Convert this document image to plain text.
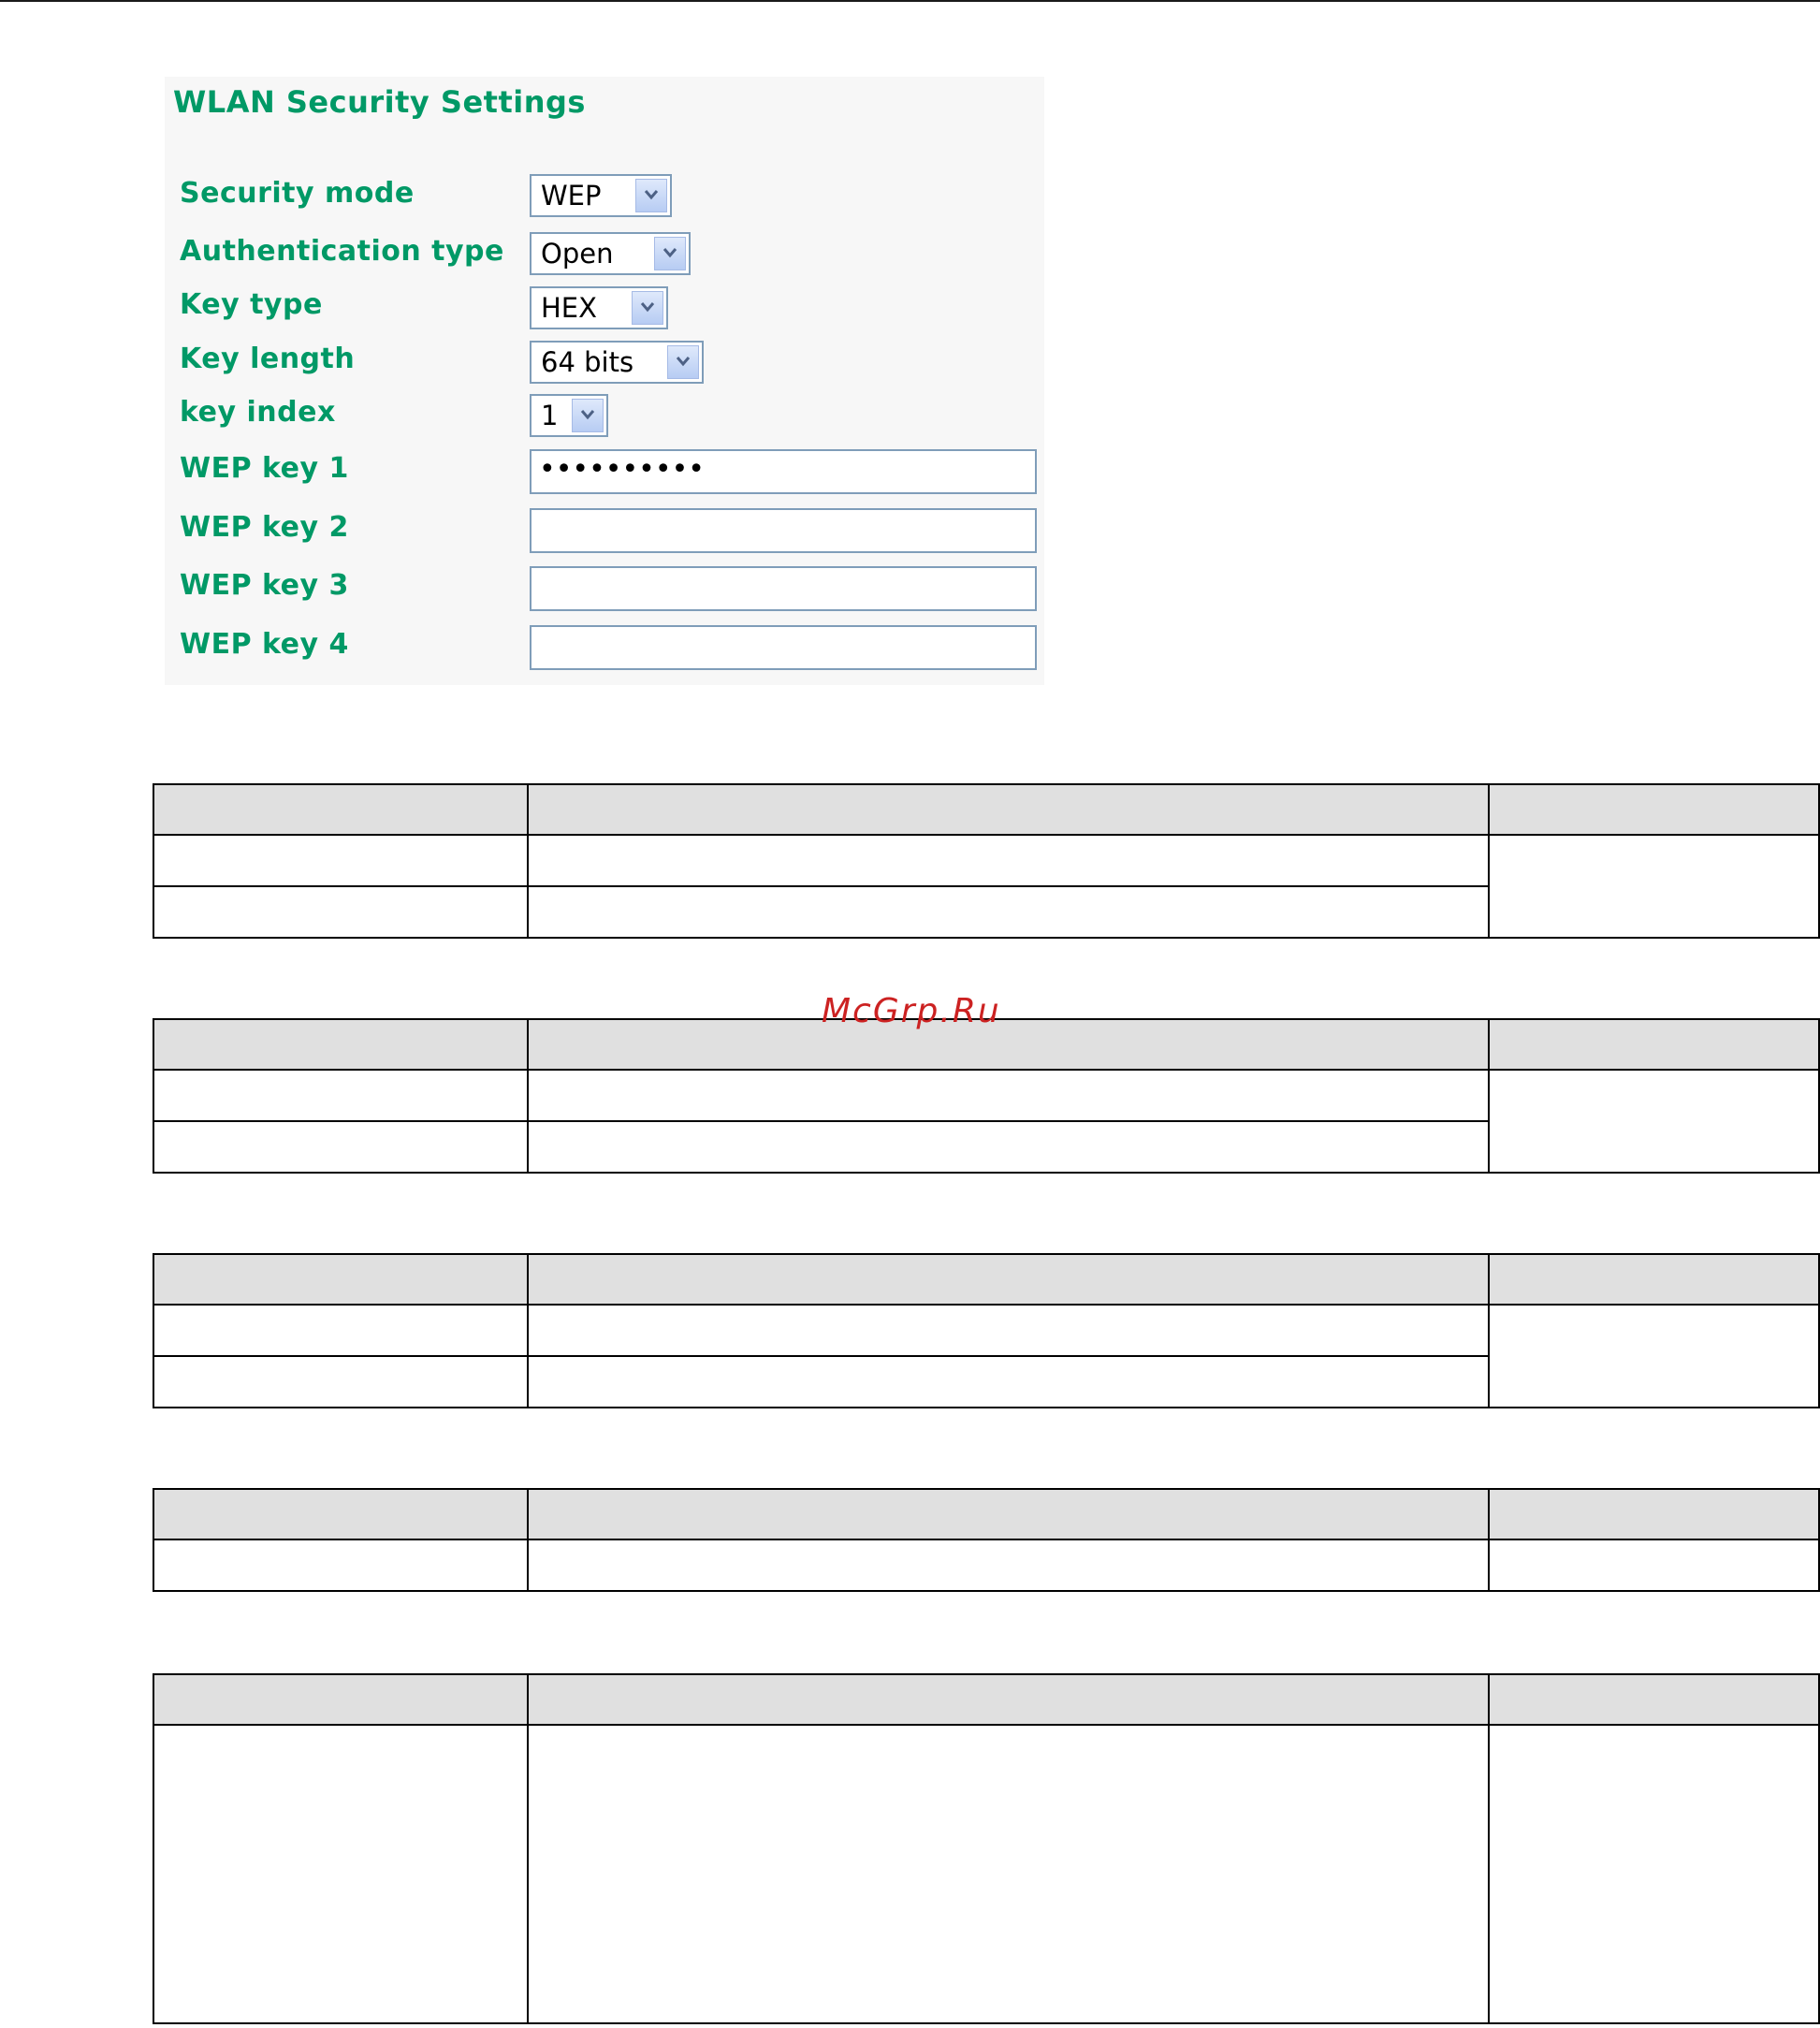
WLAN Security Settings
Security mode
Authentication type
Key type
Key length
key index
WEP key 1
WEP key 2
WEP key 3
WEP key 4
WEP
Open
HEX
64 bits
1
••••••••••
McGrp.Ru
